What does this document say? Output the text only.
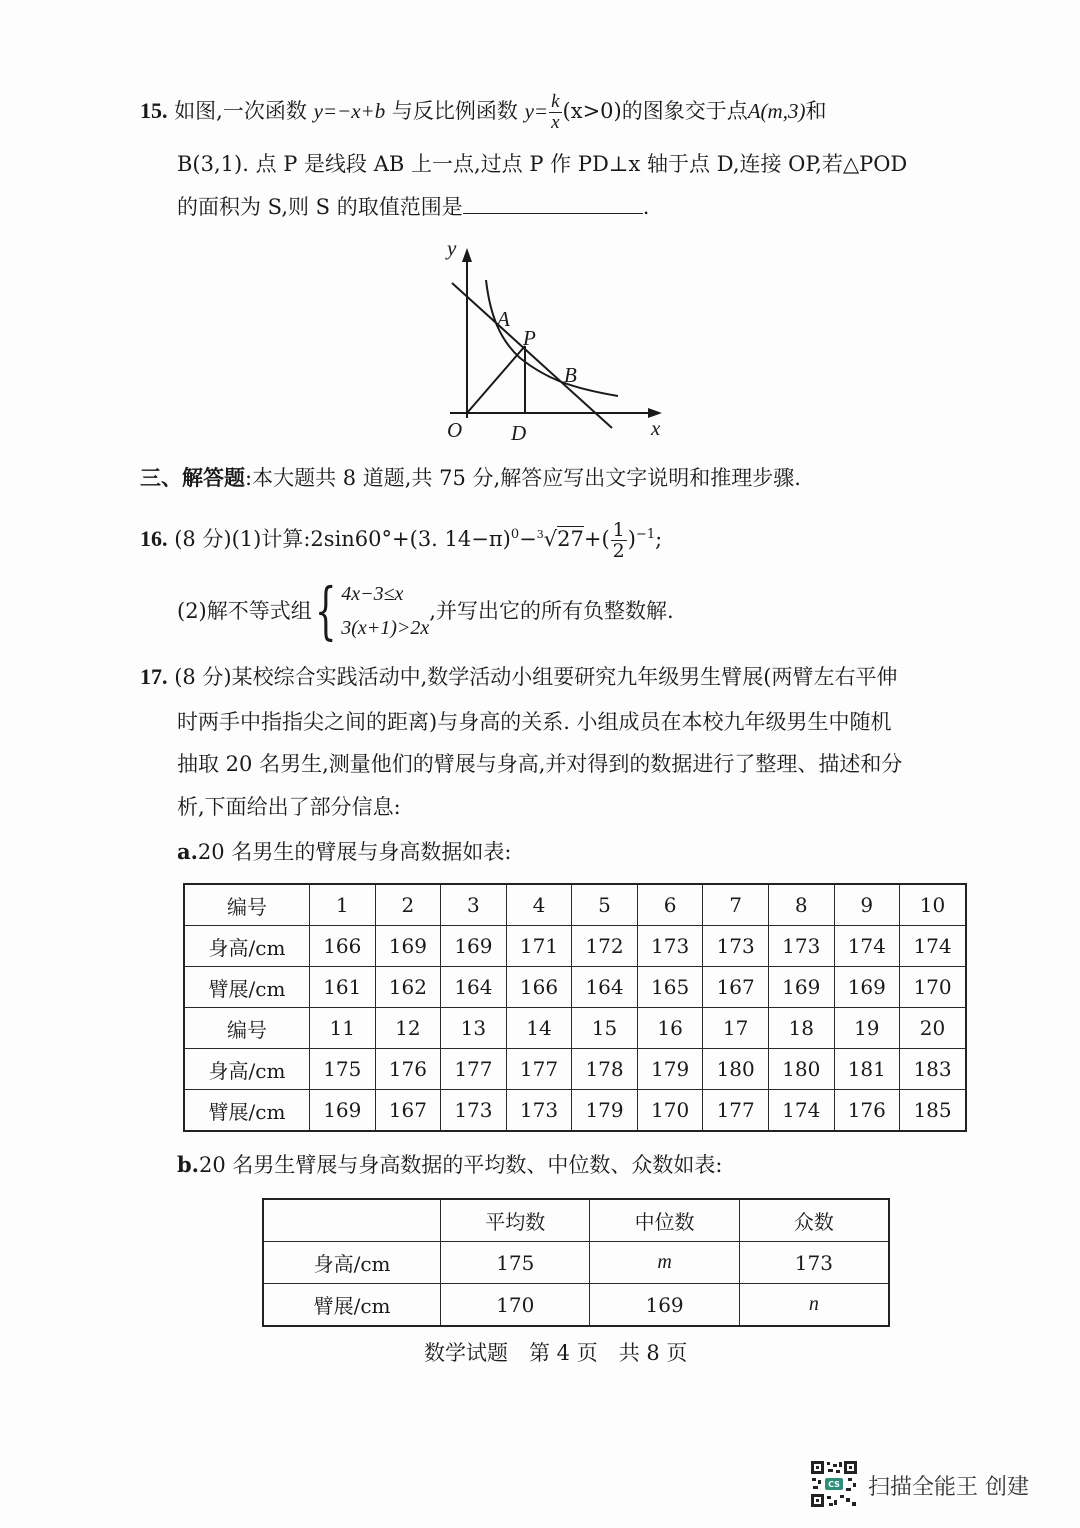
15. 如图,一次函数 y=−x+b 与反比例函数 $y= \frac{k}{x} (x>0)$的图象交于点A(m,3)和
B(3,1). 点 P 是线段 AB 上一点,过点 P 作 PD⊥x 轴于点 D,连接 OP,若△POD
的面积为 S,则 S 的取值范围是	.
y
x
O D
A
P
B
三、解答题:本大题共 8 道题,共 75 分,解答应写出文字说明和推理步骤.
16. (8 分)(1)计算:2sin60°+(3. $14-\pi)^0-^3√27+( \frac{1}{2} )^{-1}$;
(2)解不等式组 { 4x−3≤x
3(x+1)>2x
,并写出它的所有负整数解.
17. (8 分)某校综合实践活动中,数学活动小组要研究九年级男生臂展(两臂左右平伸
时两手中指指尖之间的距离)与身高的关系. 小组成员在本校九年级男生中随机
抽取 20 名男生,测量他们的臂展与身高,并对得到的数据进行了整理、描述和分
析,下面给出了部分信息:
a.20 名男生的臂展与身高数据如表:
编号	1	2	3	4	5	6	7	8	9	10
身高/cm	166	169	169	171	172	173	173	173	174	174
臂展/cm	161	162	164	166	164	165	167	169	169	170
编号	11	12	13	14	15	16	17	18	19	20
身高/cm	175	176	177	177	178	179	180	180	181	183
臂展/cm	169	167	173	173	179	170	177	174	176	185
b.20 名男生臂展与身高数据的平均数、中位数、众数如表:
	平均数	中位数	众数
身高/cm	175	m	173
臂展/cm	170	169	n
数学试题　第 4 页　共 8 页
CS 扫描全能王 创建
